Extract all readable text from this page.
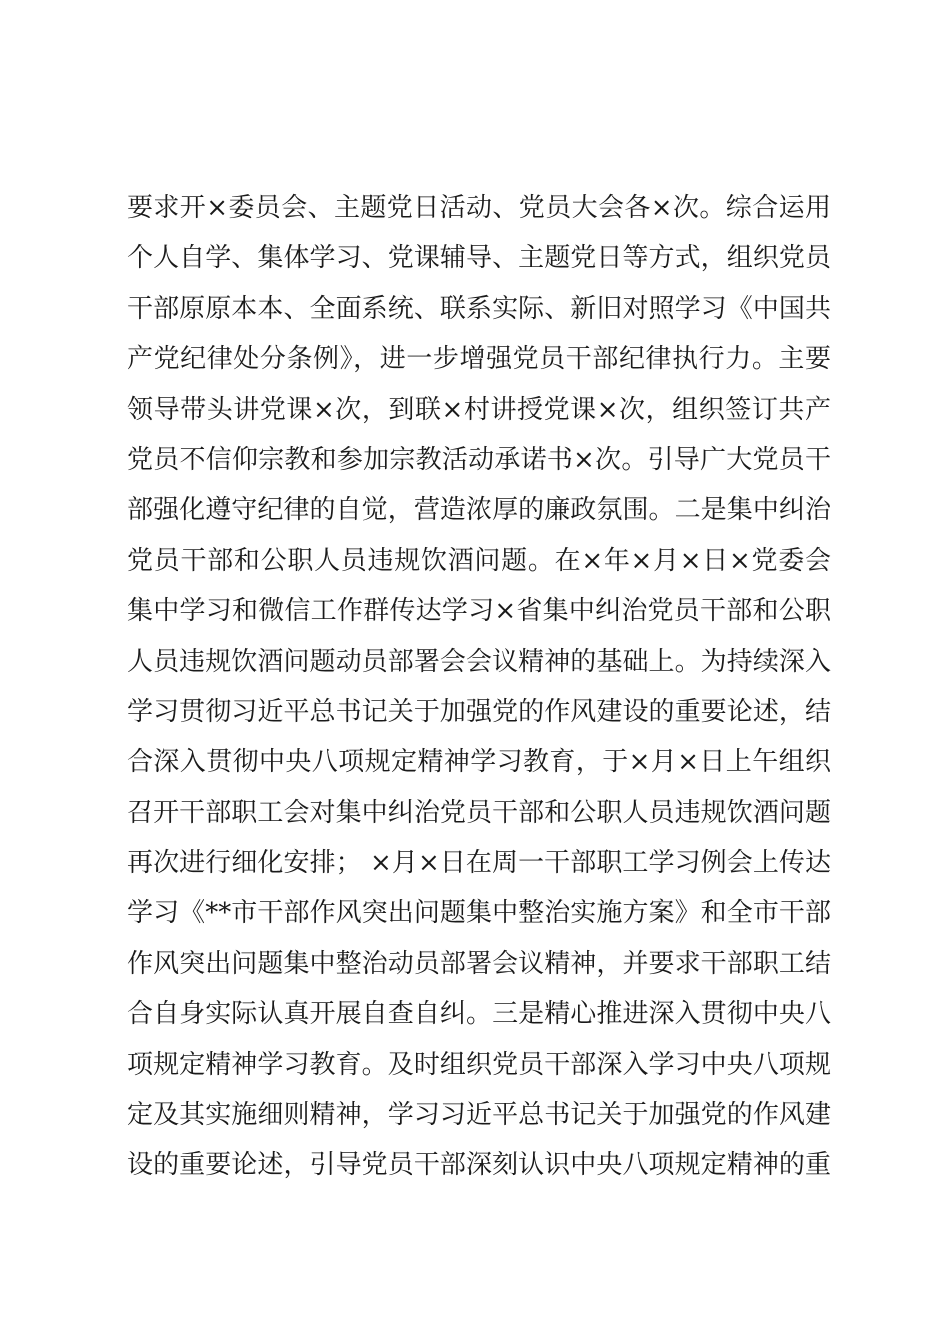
要求开×委员会、主题党日活动、党员大会各×次。综合运用
个人自学、集体学习、党课辅导、主题党日等方式，组织党员
干部原原本本、全面系统、联系实际、新旧对照学习《中国共
产党纪律处分条例》，进一步增强党员干部纪律执行力。主要
领导带头讲党课×次，到联×村讲授党课×次，组织签订共产
党员不信仰宗教和参加宗教活动承诺书×次。引导广大党员干
部强化遵守纪律的自觉，营造浓厚的廉政氛围。二是集中纠治
党员干部和公职人员违规饮酒问题。在×年×月×日×党委会
集中学习和微信工作群传达学习×省集中纠治党员干部和公职
人员违规饮酒问题动员部署会会议精神的基础上。为持续深入
学习贯彻习近平总书记关于加强党的作风建设的重要论述，结
合深入贯彻中央八项规定精神学习教育，于×月×日上午组织
召开干部职工会对集中纠治党员干部和公职人员违规饮酒问题
再次进行细化安排； ×月×日在周一干部职工学习例会上传达
学习《**市干部作风突出问题集中整治实施方案》和全市干部
作风突出问题集中整治动员部署会议精神，并要求干部职工结
合自身实际认真开展自查自纠。三是精心推进深入贯彻中央八
项规定精神学习教育。及时组织党员干部深入学习中央八项规
定及其实施细则精神，学习习近平总书记关于加强党的作风建
设的重要论述，引导党员干部深刻认识中央八项规定精神的重
